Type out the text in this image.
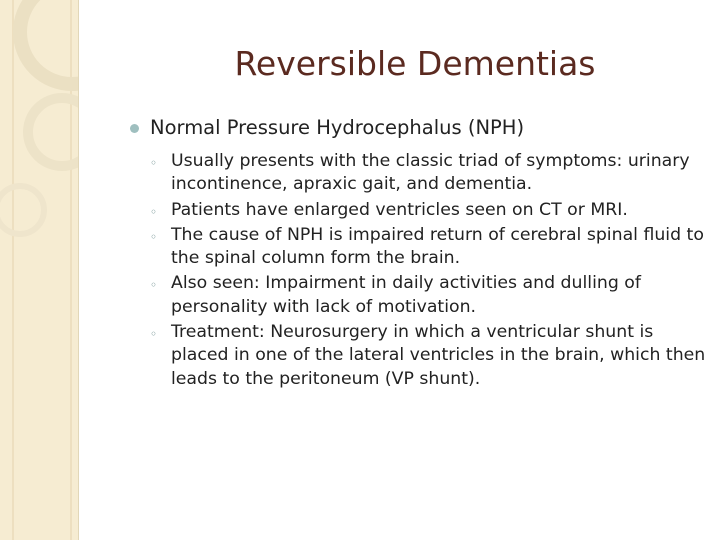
Reversible Dementias
Normal Pressure Hydrocephalus (NPH)
◦ Usually presents with the classic triad of symptoms: urinary incontinence, apraxic gait, and dementia.
◦ Patients have enlarged ventricles seen on CT or MRI.
◦ The cause of NPH is impaired return of cerebral spinal fluid to the spinal column form the brain.
◦ Also seen: Impairment in daily activities and dulling of personality with lack of motivation.
◦ Treatment: Neurosurgery in which a ventricular shunt is placed in one of the lateral ventricles in the brain, which then leads to the peritoneum (VP shunt).
